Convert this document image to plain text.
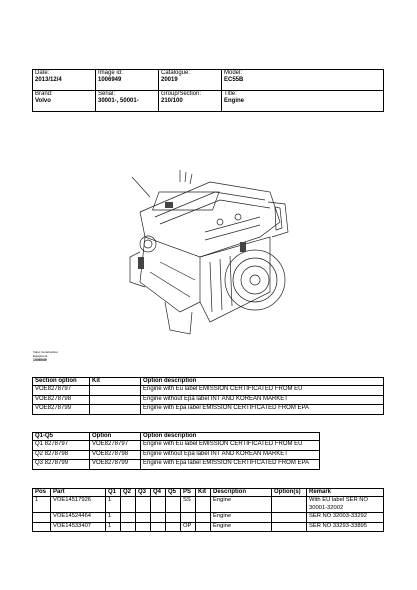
Date:
2013/12/4	Image id:
1006949	Catalogue:
20019	Model:
EC55B
Brand:
Volvo	Serial:
30001-, 50001-	Group/Section:
210/100	Title:
Engine
Volvo Construction
Equipment
1006949
Section option	Kit	Option description
VOE8278797		Engine with Eu label EMISSION CERTIFICATED FROM EU
VOE8278798		Engine without Epa label INT AND KOREAN MARKET
VOE8278799		Engine with Epa label EMISSION CERTIFICATED FROM EPA
Q1-Q5	Option	Option description
Q1 8278797	VOE8278797	Engine with Eu label EMISSION CERTIFICATED FROM EU
Q2 8278798	VOE8278798	Engine without Epa label INT AND KOREAN MARKET
Q3 8278799	VOE8278799	Engine with Epa label EMISSION CERTIFICATED FROM EPA
Pos	Part	Q1	Q2	Q3	Q4	Q5	PS	Kit	Description	Option(s)	Remark
1	VOE14517926	1					SS		Engine		With EU label SER NO 30001-32002
	VOE14524464	1							Engine		SER NO 32003-33292
	VOE14533407	1					OP		Engine		SER NO 33293-33895
